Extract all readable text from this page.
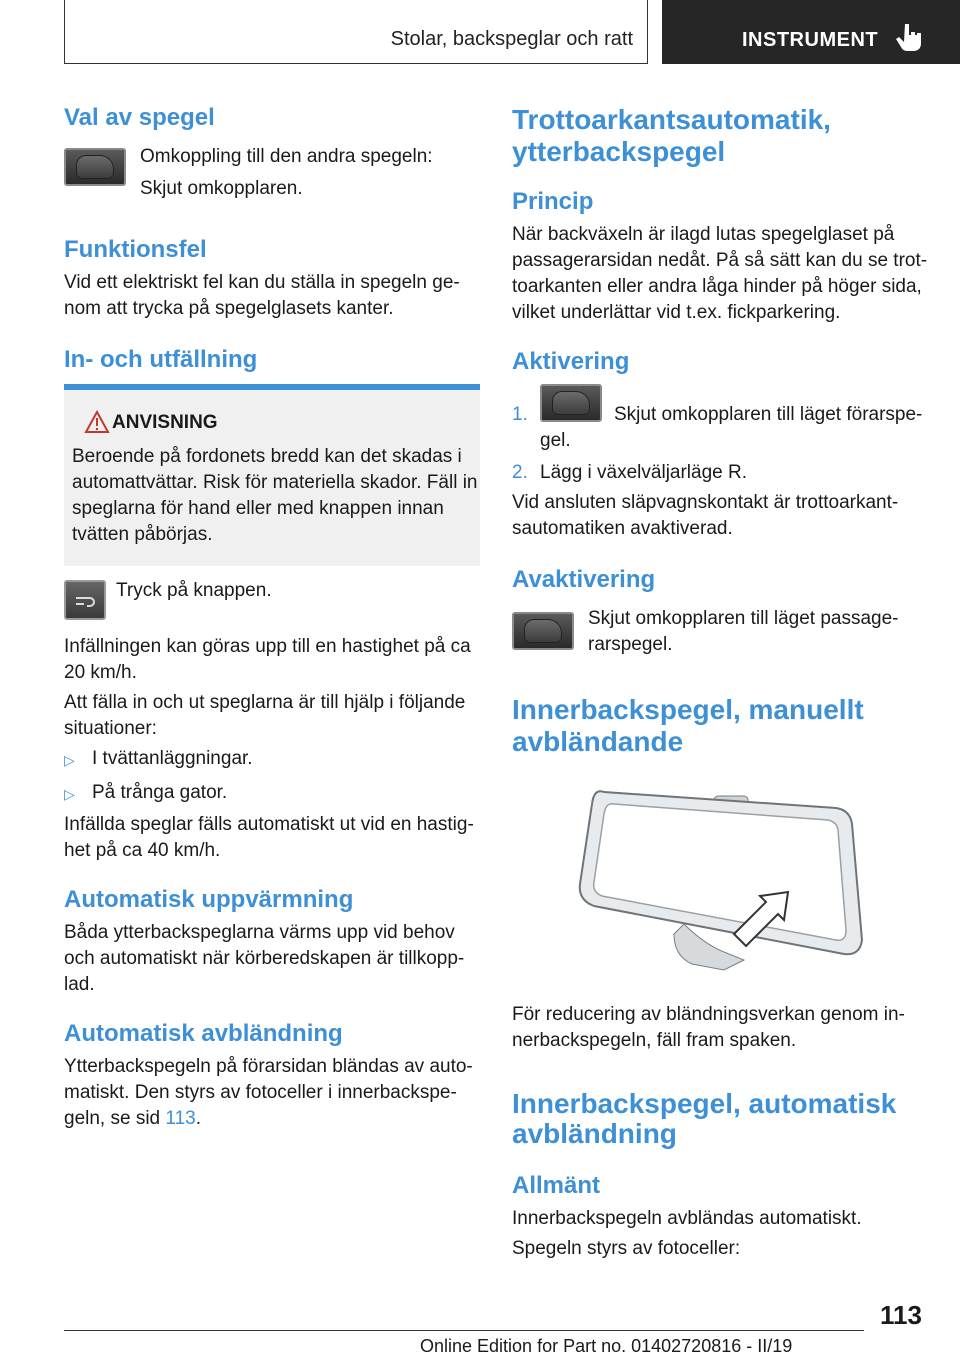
Stolar, backspeglar och ratt	INSTRUMENT
Val av spegel
Omkoppling till den andra spegeln:
Skjut omkopplaren.
Funktionsfel
Vid ett elektriskt fel kan du ställa in spegeln ge-
nom att trycka på spegelglasets kanter.
In- och utfällning
ANVISNING
Beroende på fordonets bredd kan det skadas i
automattvättar. Risk för materiella skador. Fäll in
speglarna för hand eller med knappen innan
tvätten påbörjas.
Tryck på knappen.
Infällningen kan göras upp till en hastighet på ca
20 km/h.
Att fälla in och ut speglarna är till hjälp i följande
situationer:
▷ I tvättanläggningar.
▷ På trånga gator.
Infällda speglar fälls automatiskt ut vid en hastig-
het på ca 40 km/h.
Automatisk uppvärmning
Båda ytterbackspeglarna värms upp vid behov
och automatiskt när körberedskapen är tillkopp-
lad.
Automatisk avbländning
Ytterbackspegeln på förarsidan bländas av auto-
matiskt. Den styrs av fotoceller i innerbackspe-
geln, se sid 113.
Trottoarkantsautomatik,
ytterbackspegel
Princip
När backväxeln är ilagd lutas spegelglaset på
passagerarsidan nedåt. På så sätt kan du se trot-
toarkanten eller andra låga hinder på höger sida,
vilket underlättar vid t.ex. fickparkering.
Aktivering
1.	Skjut omkopplaren till läget förarspe-
gel.
2. Lägg i växelväljarläge R.
Vid ansluten släpvagnskontakt är trottoarkant-
sautomatiken avaktiverad.
Avaktivering
Skjut omkopplaren till läget passage-
rarspegel.
Innerbackspegel, manuellt
avbländande
För reducering av bländningsverkan genom in-
nerbackspegeln, fäll fram spaken.
Innerbackspegel, automatisk
avbländning
Allmänt
Innerbackspegeln avbländas automatiskt.
Spegeln styrs av fotoceller:
113
Online Edition for Part no. 01402720816 - II/19
